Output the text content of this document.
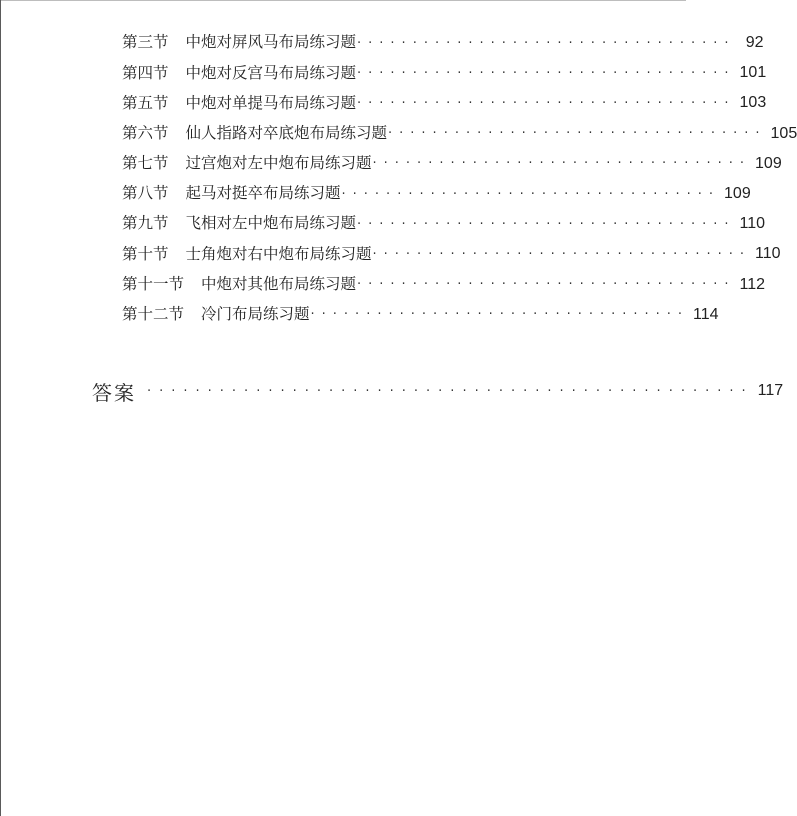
第三节 中炮对屏风马布局练习题 ·································· 92
第四节 中炮对反宫马布局练习题 ·································· 101
第五节 中炮对单提马布局练习题 ·································· 103
第六节 仙人指路对卒底炮布局练习题 ·································· 105
第七节 过宫炮对左中炮布局练习题 ·································· 109
第八节 起马对挺卒布局练习题 ·································· 109
第九节 飞相对左中炮布局练习题 ·································· 110
第十节 士角炮对右中炮布局练习题 ·································· 110
第十一节 中炮对其他布局练习题 ·································· 112
第十二节 冷门布局练习题 ·································· 114
答案 ·················································· 117
